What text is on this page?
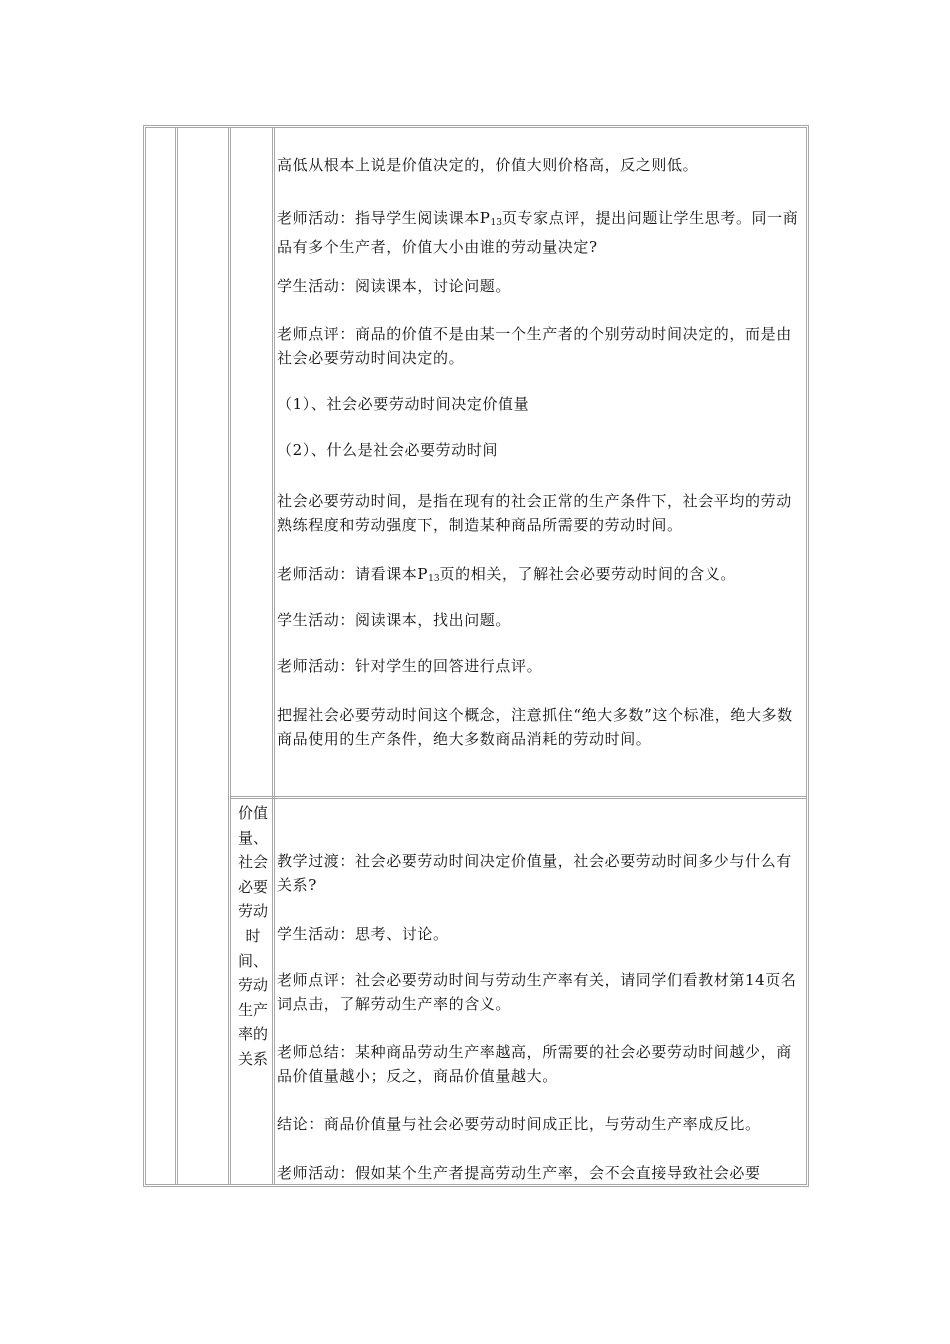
高低从根本上说是价值决定的，价值大则价格高，反之则低。

老师活动：指导学生阅读课本$P_{13}$页专家点评，提出问题让学生思考。同一商品有多个生产者，价值大小由谁的劳动量决定?

学生活动：阅读课本，讨论问题。

老师点评：商品的价值不是由某一个生产者的个别劳动时间决定的，而是由社会必要劳动时间决定的。

（1）、社会必要劳动时间决定价值量

（2）、什么是社会必要劳动时间

社会必要劳动时间，是指在现有的社会正常的生产条件下，社会平均的劳动熟练程度和劳动强度下，制造某种商品所需要的劳动时间。

老师活动：请看课本$P_{13}$页的相关，了解社会必要劳动时间的含义。

学生活动：阅读课本，找出问题。

老师活动：针对学生的回答进行点评。

把握社会必要劳动时间这个概念，注意抓住“绝大多数”这个标准，绝大多数商品使用的生产条件，绝大多数商品消耗的劳动时间。

价值量、社会必要劳动时间、劳动生产率的关系

教学过渡：社会必要劳动时间决定价值量，社会必要劳动时间多少与什么有关系?

学生活动：思考、讨论。

老师点评：社会必要劳动时间与劳动生产率有关，请同学们看教材第14页名词点击，了解劳动生产率的含义。

老师总结：某种商品劳动生产率越高，所需要的社会必要劳动时间越少，商品价值量越小；反之，商品价值量越大。

结论：商品价值量与社会必要劳动时间成正比，与劳动生产率成反比。

老师活动：假如某个生产者提高劳动生产率，会不会直接导致社会必要
